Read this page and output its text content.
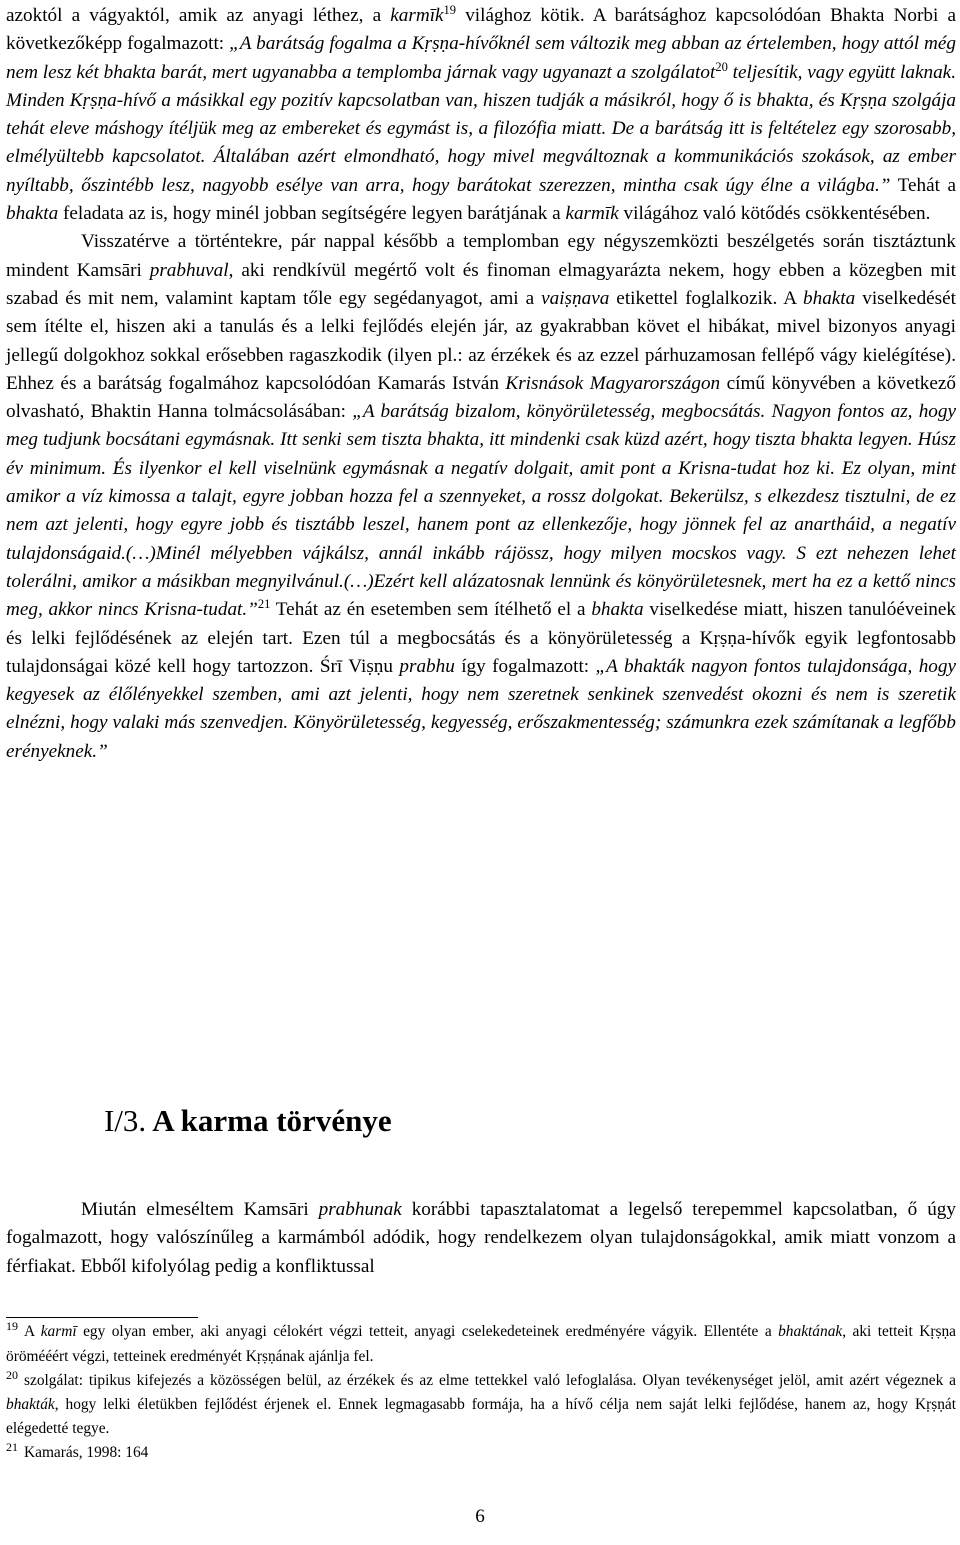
azoktól a vágyaktól, amik az anyagi léthez, a karmīk$^{19}$ világhoz kötik. A barátsághoz kapcsolódóan Bhakta Norbi a következőképp fogalmazott: „A barátság fogalma a Kṛṣṇa-hívőknél sem változik meg abban az értelemben, hogy attól még nem lesz két bhakta barát, mert ugyanabba a templomba járnak vagy ugyanazt a szolgálatot$^{20}$ teljesítik, vagy együtt laknak. Minden Kṛṣṇa-hívő a másikkal egy pozitív kapcsolatban van, hiszen tudják a másikról, hogy ő is bhakta, és Kṛṣṇa szolgája tehát eleve máshogy ítéljük meg az embereket és egymást is, a filozófia miatt. De a barátság itt is feltételez egy szorosabb, elmélyültebb kapcsolatot. Általában azért elmondható, hogy mivel megváltoznak a kommunikációs szokások, az ember nyíltabb, őszintébb lesz, nagyobb esélye van arra, hogy barátokat szerezzen, mintha csak úgy élne a világba.” Tehát a bhakta feladata az is, hogy minél jobban segítségére legyen barátjának a karmīk világához való kötődés csökkentésében.

Visszatérve a történtekre, pár nappal később a templomban egy négyszemközti beszélgetés során tisztáztunk mindent Kamsāri prabhuval, aki rendkívül megértő volt és finoman elmagyarázta nekem, hogy ebben a közegben mit szabad és mit nem, valamint kaptam tőle egy segédanyagot, ami a vaiṣṇava etikettel foglalkozik. A bhakta viselkedését sem ítélte el, hiszen aki a tanulás és a lelki fejlődés elején jár, az gyakrabban követ el hibákat, mivel bizonyos anyagi jellegű dolgokhoz sokkal erősebben ragaszkodik (ilyen pl.: az érzékek és az ezzel párhuzamosan fellépő vágy kielégítése). Ehhez és a barátság fogalmához kapcsolódóan Kamarás István Krisnások Magyarországon című könyvében a következő olvasható, Bhaktin Hanna tolmácsolásában: „A barátság bizalom, könyörületesség, megbocsátás. Nagyon fontos az, hogy meg tudjunk bocsátani egymásnak. Itt senki sem tiszta bhakta, itt mindenki csak küzd azért, hogy tiszta bhakta legyen. Húsz év minimum. És ilyenkor el kell viselnünk egymásnak a negatív dolgait, amit pont a Krisna-tudat hoz ki. Ez olyan, mint amikor a víz kimossa a talajt, egyre jobban hozza fel a szennyeket, a rossz dolgokat. Bekerülsz, s elkezdesz tisztulni, de ez nem azt jelenti, hogy egyre jobb és tisztább leszel, hanem pont az ellenkezője, hogy jönnek fel az anartháid, a negatív tulajdonságaid.(…)Minél mélyebben vájkálsz, annál inkább rájössz, hogy milyen mocskos vagy. S ezt nehezen lehet tolerálni, amikor a másikban megnyilvánul.(…)Ezért kell alázatosnak lennünk és könyörületesnek, mert ha ez a kettő nincs meg, akkor nincs Krisna-tudat.”$^{21}$ Tehát az én esetemben sem ítélhető el a bhakta viselkedése miatt, hiszen tanulóéveinek és lelki fejlődésének az elején tart. Ezen túl a megbocsátás és a könyörületesség a Kṛṣṇa-hívők egyik legfontosabb tulajdonságai közé kell hogy tartozzon. Śrī Viṣṇu prabhu így fogalmazott: „A bhakták nagyon fontos tulajdonsága, hogy kegyesek az élőlényekkel szemben, ami azt jelenti, hogy nem szeretnek senkinek szenvedést okozni és nem is szeretik elnézni, hogy valaki más szenvedjen. Könyörületesség, kegyesség, erőszakmentesség; számunkra ezek számítanak a legfőbb erényeknek.”

I/3. A karma törvénye

Miután elmeséltem Kamsāri prabhunak korábbi tapasztalatomat a legelső terepemmel kapcsolatban, ő úgy fogalmazott, hogy valószínűleg a karmámból adódik, hogy rendelkezem olyan tulajdonságokkal, amik miatt vonzom a férfiakat. Ebből kifolyólag pedig a konfliktussal

$^{19}$ A karmī egy olyan ember, aki anyagi célokért végzi tetteit, anyagi cselekedeteinek eredményére vágyik. Ellentéte a bhaktának, aki tetteit Kṛṣṇa örömééért végzi, tetteinek eredményét Kṛṣṇának ajánlja fel.

$^{20}$ szolgálat: tipikus kifejezés a közösségen belül, az érzékek és az elme tettekkel való lefoglalása. Olyan tevékenységet jelöl, amit azért végeznek a bhakták, hogy lelki életükben fejlődést érjenek el. Ennek legmagasabb formája, ha a hívő célja nem saját lelki fejlődése, hanem az, hogy Kṛṣṇát elégedetté tegye.

$^{21}$ Kamarás, 1998: 164

6
